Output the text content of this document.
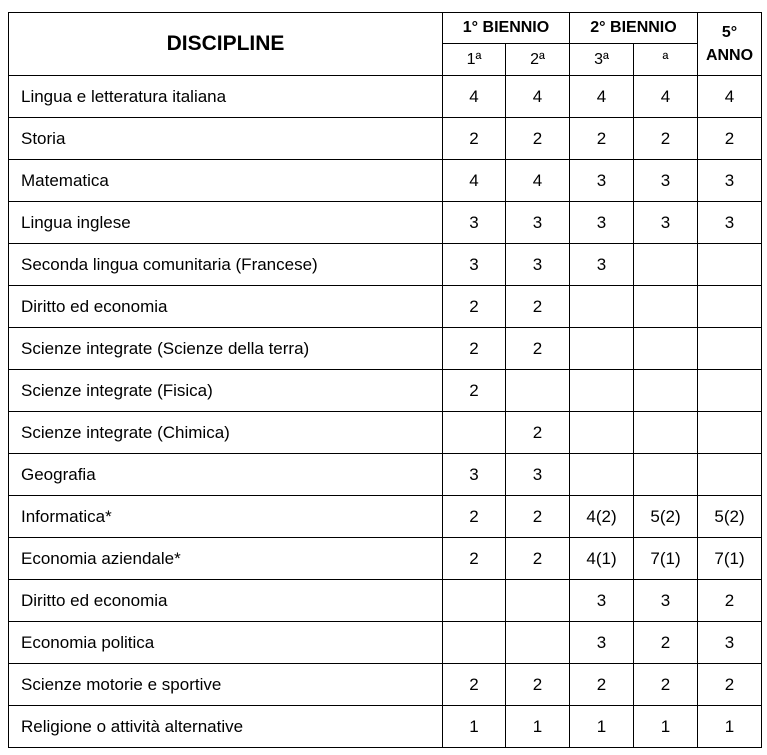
DISCIPLINE	1° BIENNIO		2° BIENNIO		5°
ANNO
	1ª	2ª	3ª	ª	
Lingua e letteratura italiana	4	4	4	4	4
Storia	2	2	2	2	2
Matematica	4	4	3	3	3
Lingua inglese	3	3	3	3	3
Seconda lingua comunitaria (Francese)	3	3	3		
Diritto ed economia	2	2			
Scienze integrate (Scienze della terra)	2	2			
Scienze integrate (Fisica)	2				
Scienze integrate (Chimica)		2			
Geografia	3	3			
Informatica*	2	2	4(2)	5(2)	5(2)
Economia aziendale*	2	2	4(1)	7(1)	7(1)
Diritto ed economia			3	3	2
Economia politica			3	2	3
Scienze motorie e sportive	2	2	2	2	2
Religione o attività alternative	1	1	1	1	1
